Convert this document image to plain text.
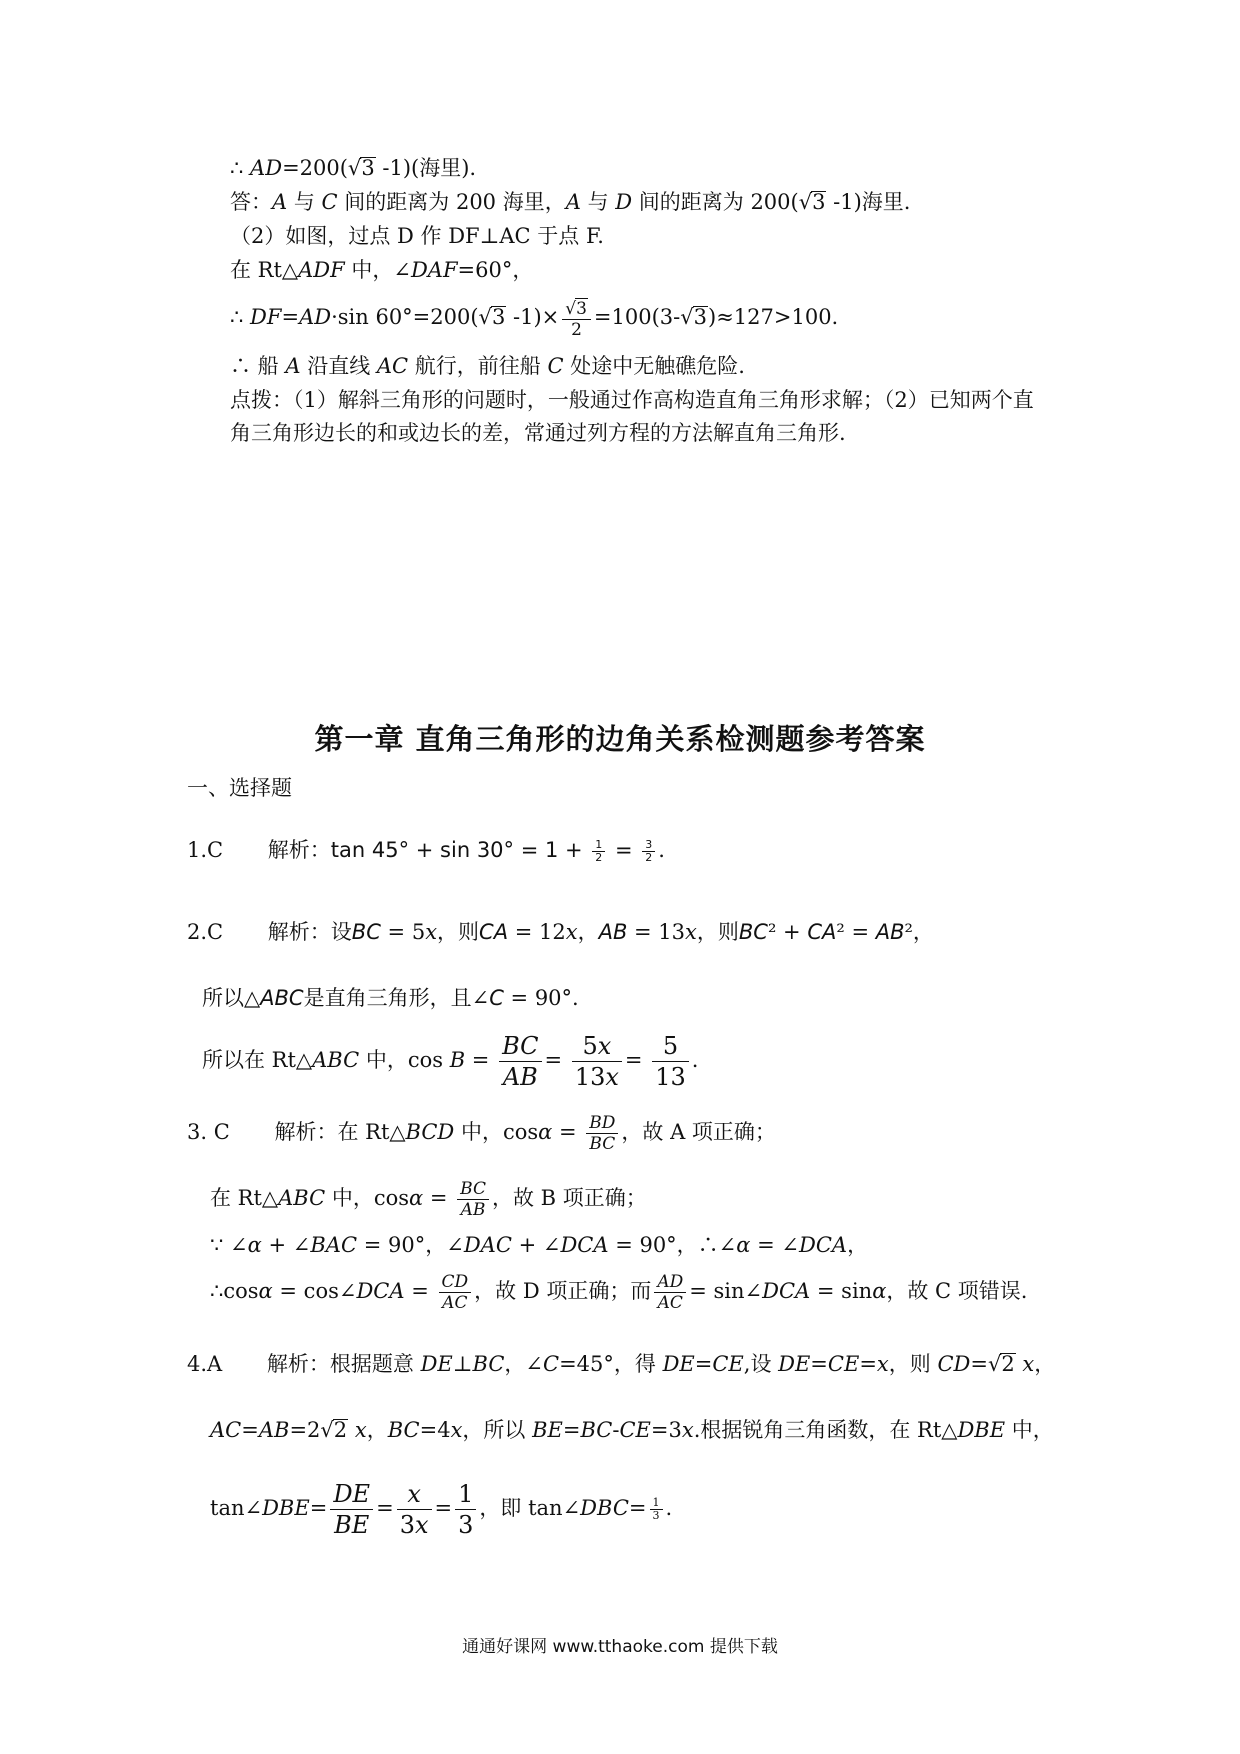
∴ AD=200(√3 -1)(海里).
答：A 与 C 间的距离为 200 海里，A 与 D 间的距离为 200(√3 -1)海里.
（2）如图，过点 D 作 DF⊥AC 于点 F.
在 Rt△ADF 中，∠DAF=60°，
∴ DF=AD·sin 60°=200(√3 $-1)\times \frac{√3}{2} =100(3-√3)\approx 127>100$.
∴ 船 A 沿直线 AC 航行，前往船 C 处途中无触礁危险.
点拨：（1）解斜三角形的问题时，一般通过作高构造直角三角形求解；（2）已知两个直
角三角形边长的和或边长的差，常通过列方程的方法解直角三角形.
第一章 直角三角形的边角关系检测题参考答案
一、选择题
1.C 解析：$\tan 45^\circ + \sin 30^\circ = 1 + \frac{1}{2} = \frac{3}{2}$ .
2.C 解析：设BC = 5x，则CA = 12x，AB = 13x，则BC² + CA² = AB²，
所以△ABC是直角三角形，且∠C = 90°.
所以在 Rt△ABC 中，$\cos B = \frac{BC}{AB} = \frac{5x}{13x} = \frac{5}{13}$ .
3. C 解析：在 Rt△BCD 中，$\cos\alpha = \frac{BD}{BC}$ ，故 A 项正确；
在 Rt△ABC 中，$\cos\alpha = \frac{BC}{AB}$ ，故 B 项正确；
∵ ∠α + ∠BAC = 90°，∠DAC + ∠DCA = 90°，∴∠α = ∠DCA，
∴cosα = cos∠DCA = $\frac{CD}{AC}$ ，故 D 项正确；而 $\frac{AD}{AC}$ = sin∠DCA = sinα，故 C 项错误.
4.A 解析：根据题意 DE⊥BC，∠C=45°，得 DE=CE,设 DE=CE=x，则 CD=√2 x，
AC=AB=2√2 x，BC=4x，所以 BE=BC-CE=3x.根据锐角三角函数，在 Rt△DBE 中，
tan∠DBE= $\frac{DE}{BE} = \frac{x}{3x} = \frac{1}{3}$ ，即 tan∠DBC= $\frac{1}{3}$ .
通通好课网 www.tthaoke.com 提供下载
